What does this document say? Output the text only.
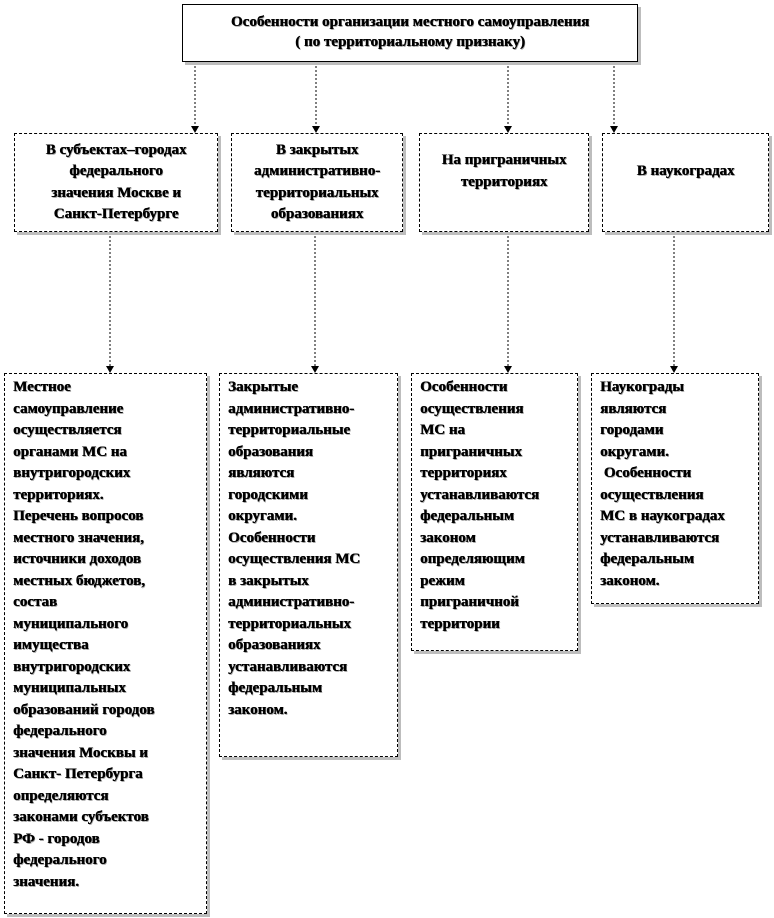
Особенности организации местного самоуправления
( по территориальному признаку)
В субъектах–городах
федерального
значения Москве и
Санкт-Петербурге
В закрытых
административно-
территориальных
образованиях
На приграничных
территориях
В наукоградах
Местное
самоуправление
осуществляется
органами МС на
внутригородских
территориях.
Перечень вопросов
местного значения,
источники доходов
местных бюджетов,
состав
муниципального
имущества
внутригородских
муниципальных
образований городов
федерального
значения Москвы и
Санкт- Петербурга
определяются
законами субъектов
РФ - городов
федерального
значения.
Закрытые
административно-
территориальные
образования
являются
городскими
округами.
Особенности
осуществления МС
в закрытых
административно-
территориальных
образованиях
устанавливаются
федеральным
законом.
Особенности
осуществления
МС на
приграничных
территориях
устанавливаются
федеральным
законом
определяющим
режим
приграничной
территории
Наукограды
являются
городами
округами.
Особенности
осуществления
МС в наукоградах
устанавливаются
федеральным
законом.
